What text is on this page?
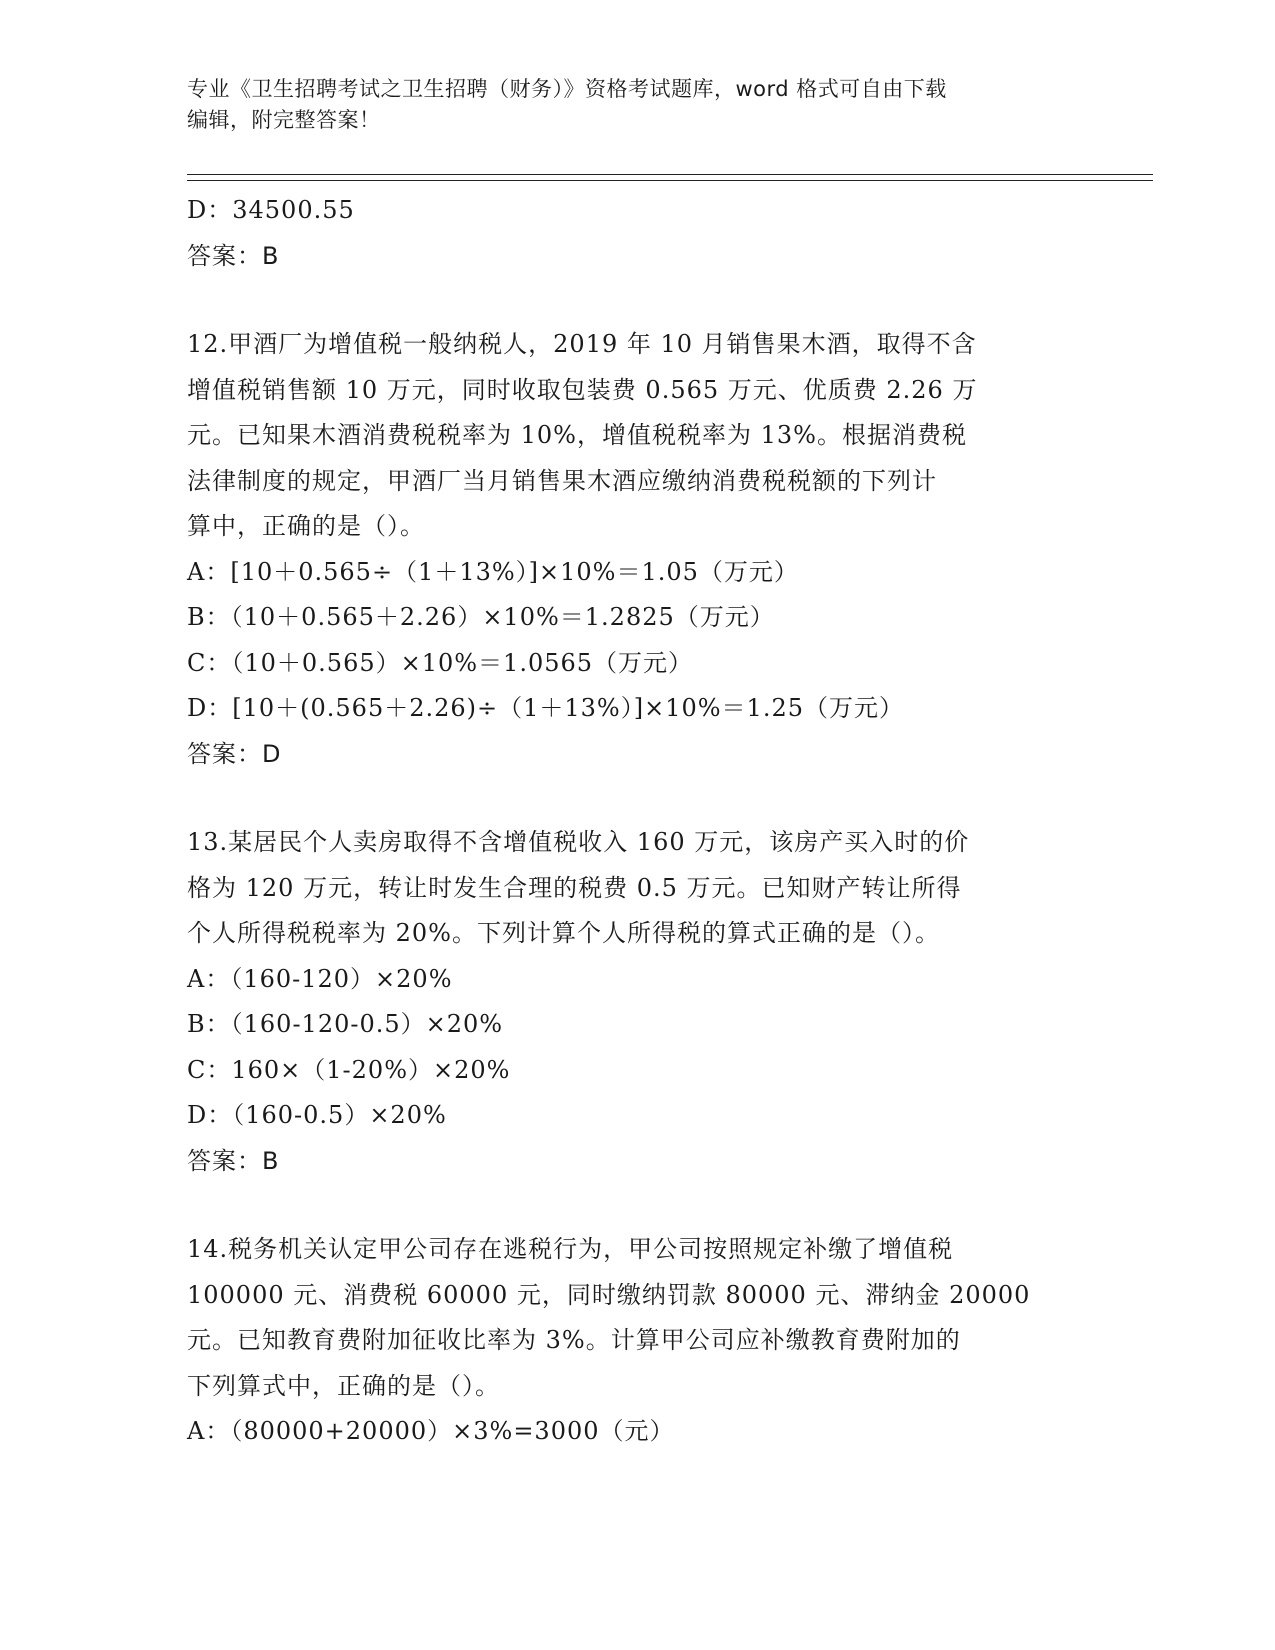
专业《卫生招聘考试之卫生招聘（财务）》资格考试题库，word 格式可自由下载
编辑，附完整答案！
D：34500.55
答案：B
12.甲酒厂为增值税一般纳税人，2019 年 10 月销售果木酒，取得不含
增值税销售额 10 万元，同时收取包装费 0.565 万元、优质费 2.26 万
元。已知果木酒消费税税率为 10%，增值税税率为 13%。根据消费税
法律制度的规定，甲酒厂当月销售果木酒应缴纳消费税税额的下列计
算中，正确的是（）。
A：[10＋0.565÷（1＋13%）]×10%＝1.05（万元）
B：（10＋0.565＋2.26）×10%＝1.2825（万元）
C：（10＋0.565）×10%＝1.0565（万元）
D：[10＋(0.565＋2.26)÷（1＋13%）]×10%＝1.25（万元）
答案：D
13.某居民个人卖房取得不含增值税收入 160 万元，该房产买入时的价
格为 120 万元，转让时发生合理的税费 0.5 万元。已知财产转让所得
个人所得税税率为 20%。下列计算个人所得税的算式正确的是（）。
A：（160-120）×20%
B：（160-120-0.5）×20%
C：160×（1-20%）×20%
D：（160-0.5）×20%
答案：B
14.税务机关认定甲公司存在逃税行为，甲公司按照规定补缴了增值税
100000 元、消费税 60000 元，同时缴纳罚款 80000 元、滞纳金 20000
元。已知教育费附加征收比率为 3%。计算甲公司应补缴教育费附加的
下列算式中，正确的是（）。
A：（80000+20000）×3%=3000（元）
